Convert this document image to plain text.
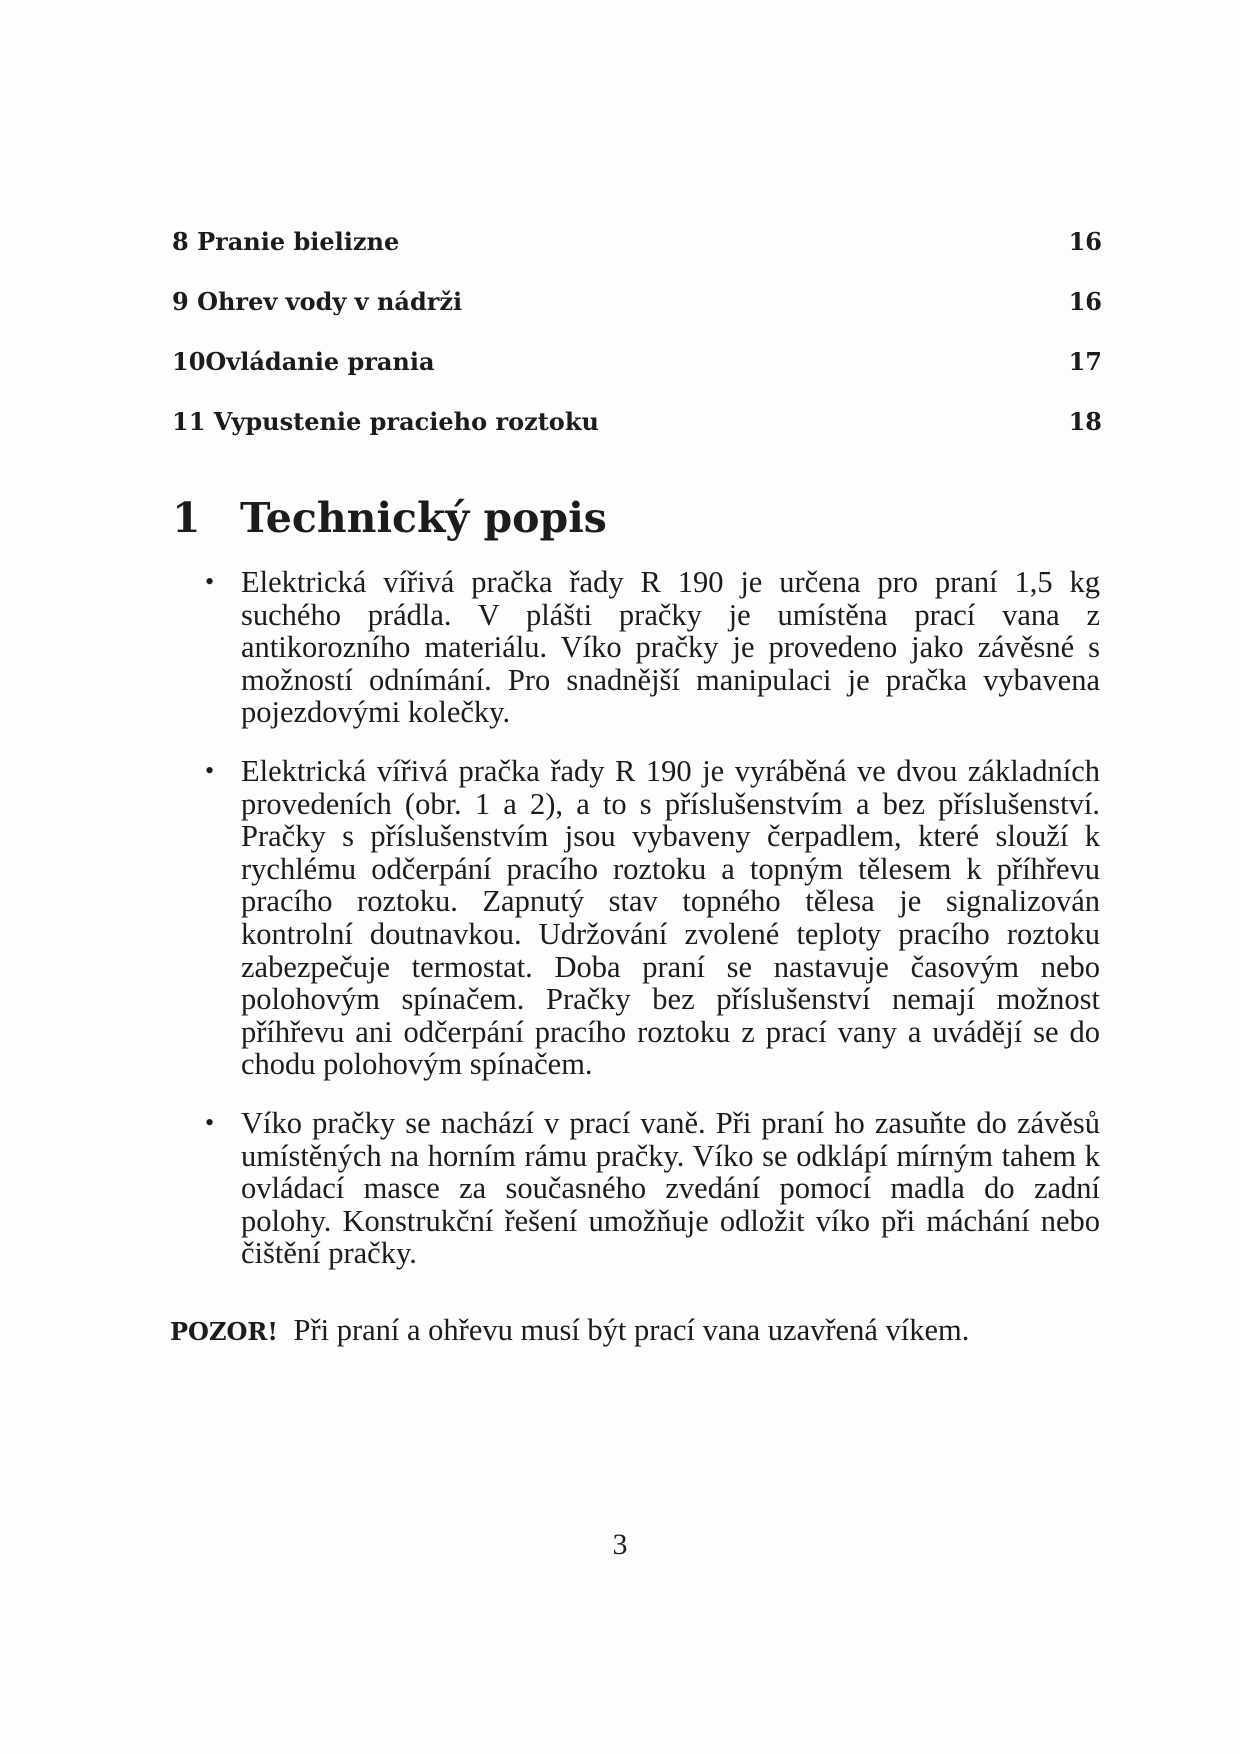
8 Pranie bielizne	16
9 Ohrev vody v nádrži	16
10Ovládanie prania	17
11 Vypustenie pracieho roztoku	18
1 Technický popis
• Elektrická vířivá pračka řady R 190 je určena pro praní 1,5 kg suchého prádla. V plášti pračky je umístěna prací vana z antikorozního materiálu. Víko pračky je provedeno jako závěsné s možností odnímání. Pro snadnější manipulaci je pračka vybavena pojezdovými kolečky.
• Elektrická vířivá pračka řady R 190 je vyráběná ve dvou základních provedeních (obr. 1 a 2), a to s příslušenstvím a bez příslušenství. Pračky s příslušenstvím jsou vybaveny čerpadlem, které slouží k rychlému odčerpání pracího roztoku a topným tělesem k příhřevu pracího roztoku. Zapnutý stav topného tělesa je signalizován kontrolní doutnavkou. Udržování zvolené teploty pracího roztoku zabezpečuje termostat. Doba praní se nastavuje časovým nebo polohovým spínačem. Pračky bez příslušenství nemají možnost příhřevu ani odčerpání pracího roztoku z prací vany a uvádějí se do chodu polohovým spínačem.
• Víko pračky se nachází v prací vaně. Při praní ho zasuňte do závěsů umístěných na horním rámu pračky. Víko se odklápí mírným tahem k ovládací masce za současného zvedání pomocí madla do zadní polohy. Konstrukční řešení umožňuje odložit víko při máchání nebo čištění pračky.
POZOR! Při praní a ohřevu musí být prací vana uzavřená víkem.
3
